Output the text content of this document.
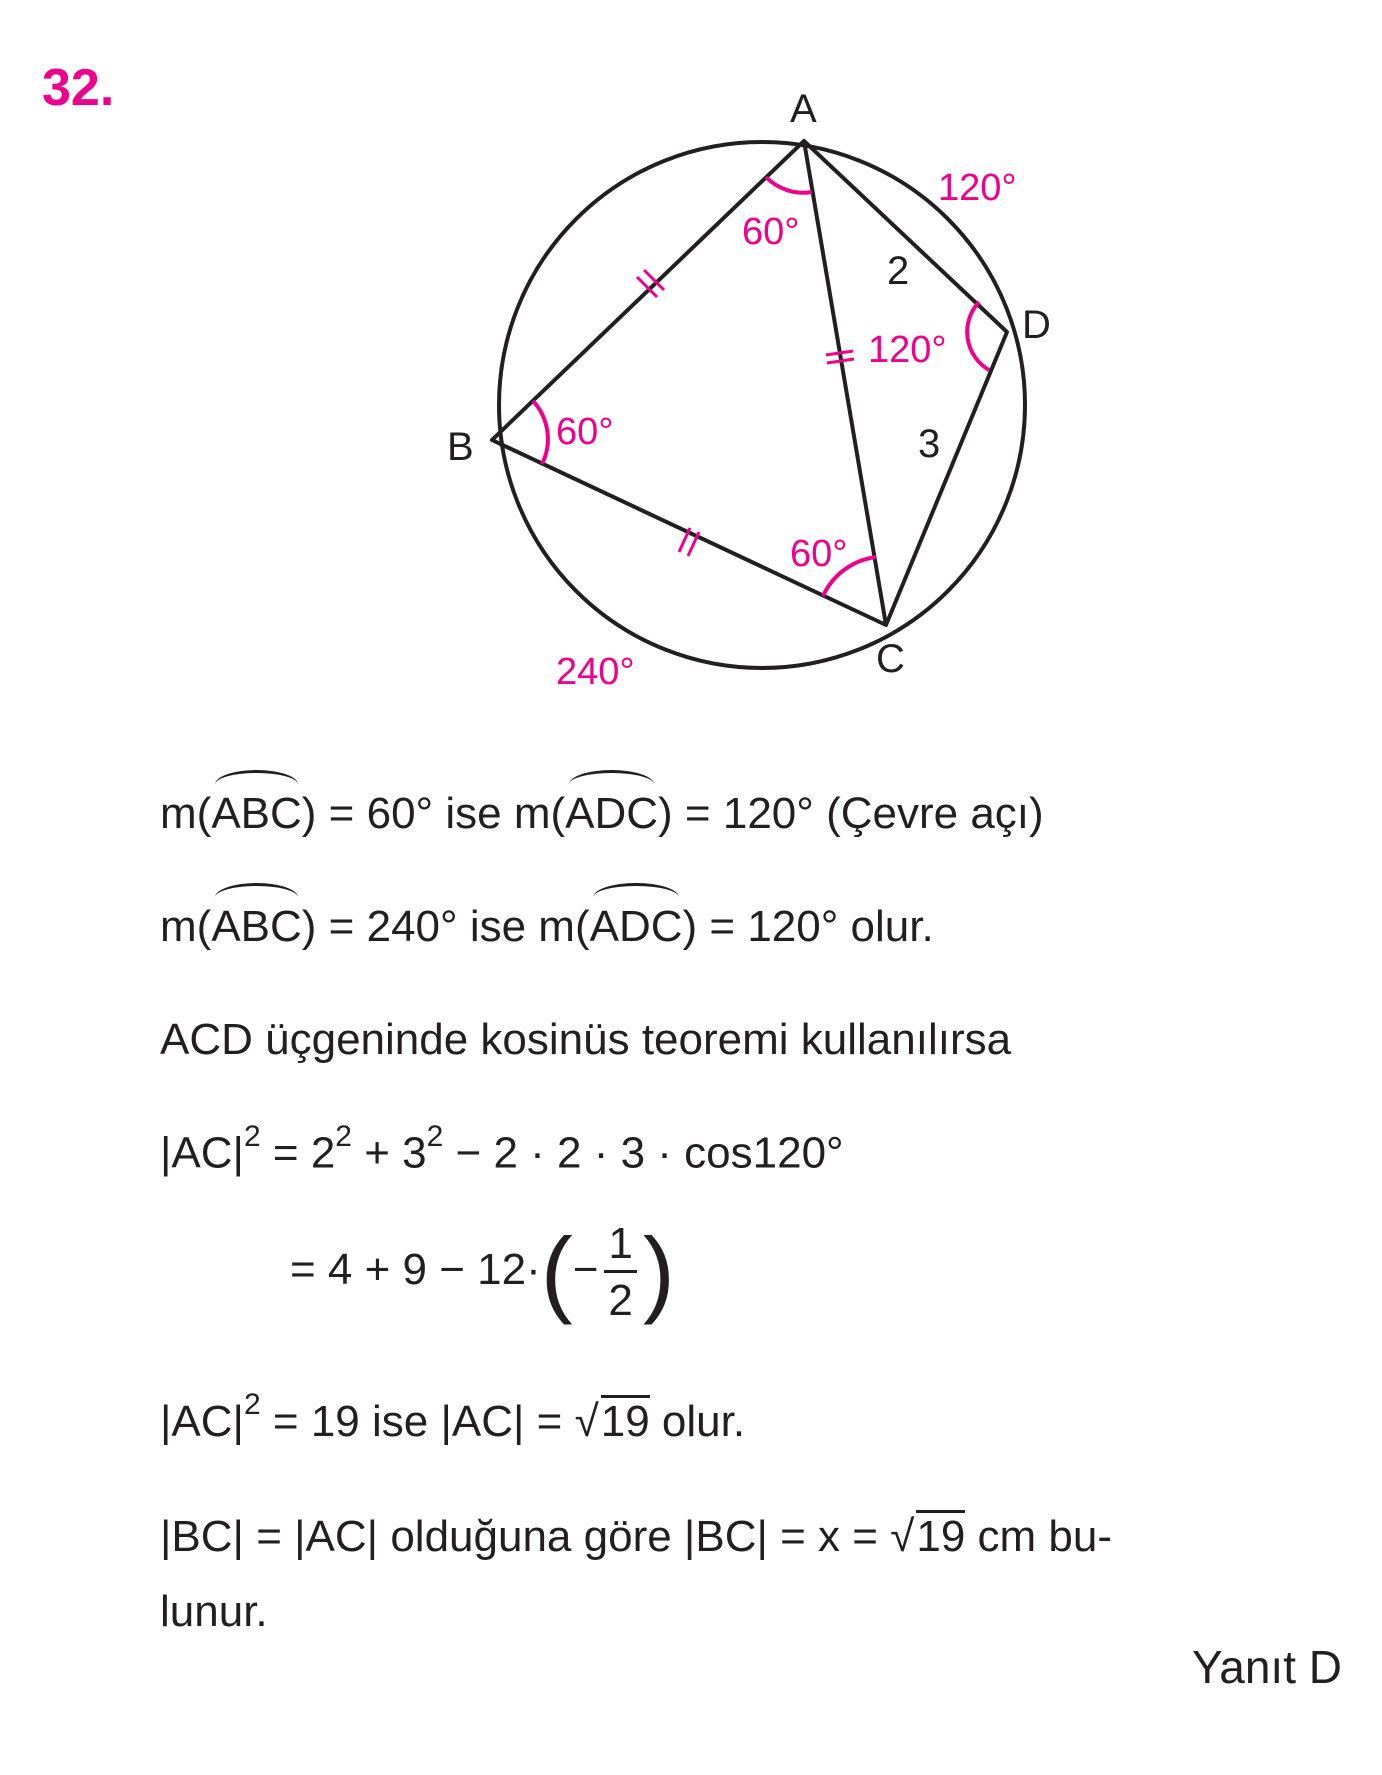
32.	A
B
C
D
2
3
60°
60°
60°
120°
120°
240°
m(ABC) = 60° ise m(ADC) = 120° (Çevre açı)
m(ABC) = 240° ise m(ADC) = 120° olur.
ACD üçgeninde kosinüs teoremi kullanılırsa
$|AC|^2 = 2^2 + 3^2 - 2 \cdot 2 \cdot 3 \cdot \cos 120^\circ$
= $4 + 9 - 12\cdot(- \frac{1}{2}$ )
$|AC|^2 = 19$ ise |AC| = √19 olur.
|BC| = |AC| olduğuna göre |BC| = x = √19 cm bu-
lunur.
Yanıt D
